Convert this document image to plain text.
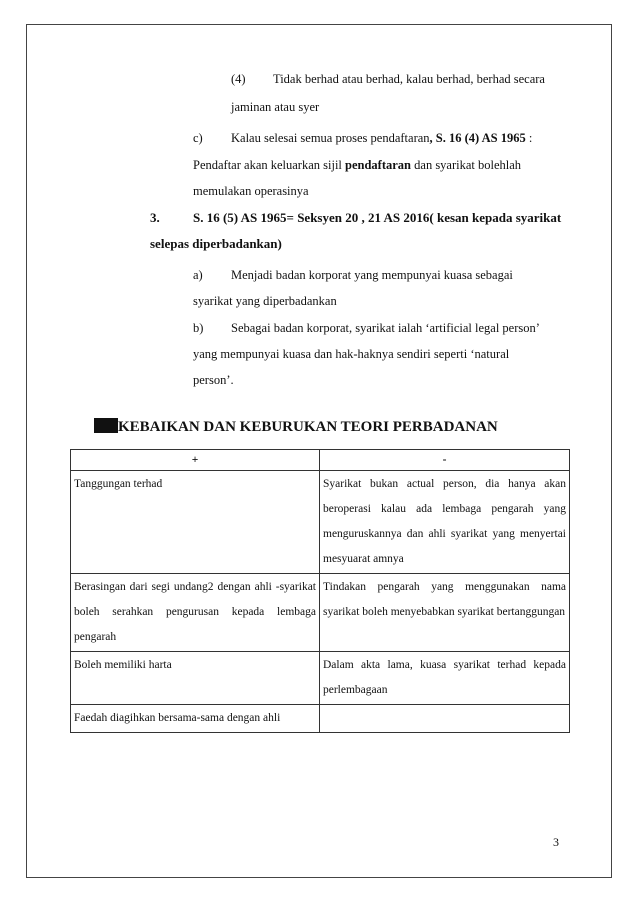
(4) Tidak berhad atau berhad, kalau berhad, berhad secara
jaminan atau syer
c) Kalau selesai semua proses pendaftaran, S. 16 (4) AS 1965 :
Pendaftar akan keluarkan sijil pendaftaran dan syarikat bolehlah
memulakan operasinya
3.	S. 16 (5) AS 1965= Seksyen 20 , 21 AS 2016( kesan kepada syarikat
selepas diperbadankan)
a) Menjadi badan korporat yang mempunyai kuasa sebagai
syarikat yang diperbadankan
b) Sebagai badan korporat, syarikat ialah ‘artificial legal person’
yang mempunyai kuasa dan hak-haknya sendiri seperti ‘natural
person’.
KEBAIKAN DAN KEBURUKAN TEORI PERBADANAN
+	-
Tanggungan terhad	Syarikat bukan actual person, dia hanya akan beroperasi kalau ada lembaga pengarah yang menguruskannya dan ahli syarikat yang menyertai mesyuarat amnya
Berasingan dari segi undang2 dengan ahli -syarikat boleh serahkan pengurusan kepada lembaga pengarah	Tindakan pengarah yang menggunakan nama syarikat boleh menyebabkan syarikat bertanggungan
Boleh memiliki harta	Dalam akta lama, kuasa syarikat terhad kepada perlembagaan
Faedah diagihkan bersama-sama dengan ahli	
3
